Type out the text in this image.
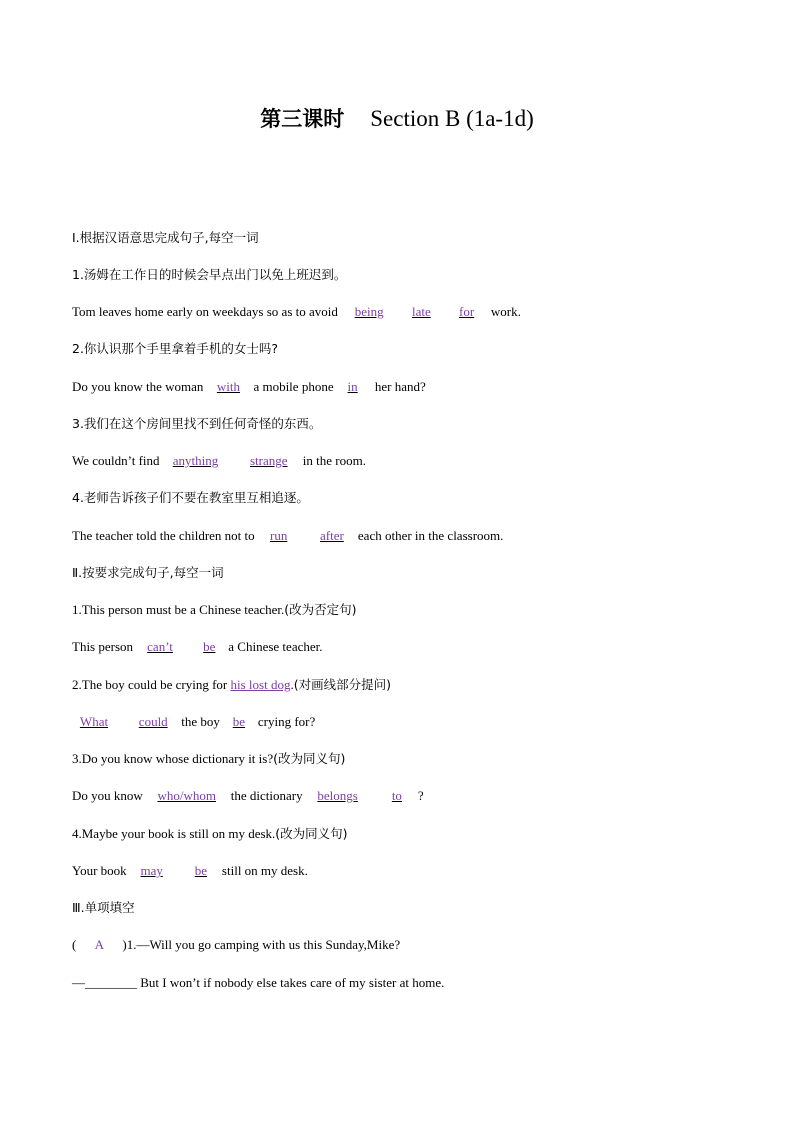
第三课时 Section B (1a-1d)
Ⅰ.根据汉语意思完成句子,每空一词
1.汤姆在工作日的时候会早点出门以免上班迟到。
Tom leaves home early on weekdays so as to avoid being late for work.
2.你认识那个手里拿着手机的女士吗?
Do you know the woman with a mobile phone in her hand?
3.我们在这个房间里找不到任何奇怪的东西。
We couldn’t find anything strange in the room.
4.老师告诉孩子们不要在教室里互相追逐。
The teacher told the children not to run	after each other in the classroom.
Ⅱ.按要求完成句子,每空一词
1.This person must be a Chinese teacher.(改为否定句)
This person can’t be a Chinese teacher.
2.The boy could be crying for his lost dog.(对画线部分提问)
What could the boy be crying for?
3.Do you know whose dictionary it is?(改为同义句)
Do you know who/whom the dictionary belongs	to ?
4.Maybe your book is still on my desk.(改为同义句)
Your book may be still on my desk.
Ⅲ.单项填空
( A )1.—Will you go camping with us this Sunday,Mike?
—________ But I won’t if nobody else takes care of my sister at home.
